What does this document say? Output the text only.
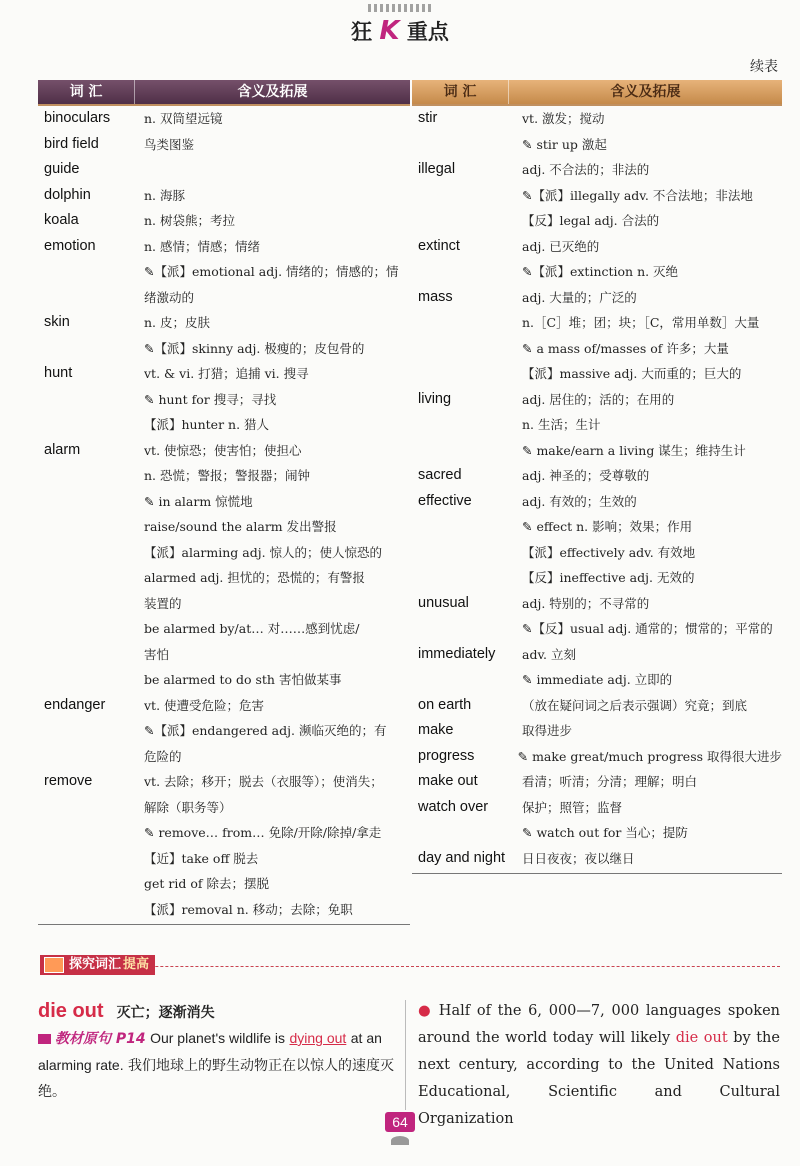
狂 K 重点
续表
词 汇	含义及拓展
binoculars	n. 双筒望远镜
bird field	鸟类图鉴
guide
dolphin	n. 海豚
koala	n. 树袋熊；考拉
emotion	n. 感情；情感；情绪
✎【派】emotional adj. 情绪的；情感的；情
绪激动的
skin	n. 皮；皮肤
✎【派】skinny adj. 极瘦的；皮包骨的
hunt	vt. & vi. 打猎；追捕 vi. 搜寻
✎ hunt for 搜寻；寻找
【派】hunter n. 猎人
alarm	vt. 使惊恐；使害怕；使担心
n. 恐慌；警报；警报器；闹钟
✎ in alarm 惊慌地
raise/sound the alarm 发出警报
【派】alarming adj. 惊人的；使人惊恐的
alarmed adj. 担忧的；恐慌的；有警报
装置的
be alarmed by/at… 对……感到忧虑/
害怕
be alarmed to do sth 害怕做某事
endanger	vt. 使遭受危险；危害
✎【派】endangered adj. 濒临灭绝的；有
危险的
remove	vt. 去除；移开；脱去（衣服等）；使消失；
解除（职务等）
✎ remove… from… 免除/开除/除掉/拿走
【近】take off 脱去
get rid of 除去；摆脱
【派】removal n. 移动；去除；免职
词 汇	含义及拓展
stir	vt. 激发；搅动
✎ stir up 激起
illegal	adj. 不合法的；非法的
✎【派】illegally adv. 不合法地；非法地
【反】legal adj. 合法的
extinct	adj. 已灭绝的
✎【派】extinction n. 灭绝
mass	adj. 大量的；广泛的
n.［C］堆；团；块；［C，常用单数］大量
✎ a mass of/masses of 许多；大量
【派】massive adj. 大而重的；巨大的
living	adj. 居住的；活的；在用的
n. 生活；生计
✎ make/earn a living 谋生；维持生计
sacred	adj. 神圣的；受尊敬的
effective	adj. 有效的；生效的
✎ effect n. 影响；效果；作用
【派】effectively adv. 有效地
【反】ineffective adj. 无效的
unusual	adj. 特别的；不寻常的
✎【反】usual adj. 通常的；惯常的；平常的
immediately	adv. 立刻
✎ immediate adj. 立即的
on earth	（放在疑问词之后表示强调）究竟；到底
make	取得进步
progress	✎ make great/much progress 取得很大进步
make out	看清；听清；分清；理解；明白
watch over	保护；照管；监督
✎ watch out for 当心；提防
day and night	日日夜夜；夜以继日
探究词汇 提高
die out 灭亡；逐渐消失
教材原句 P14 Our planet's wildlife is dying out at an alarming rate. 我们地球上的野生动物正在以惊人的速度灭绝。
● Half of the 6, 000—7, 000 languages spoken around the world today will likely die out by the next century, according to the United Nations Educational, Scientific and Cultural Organization
64
